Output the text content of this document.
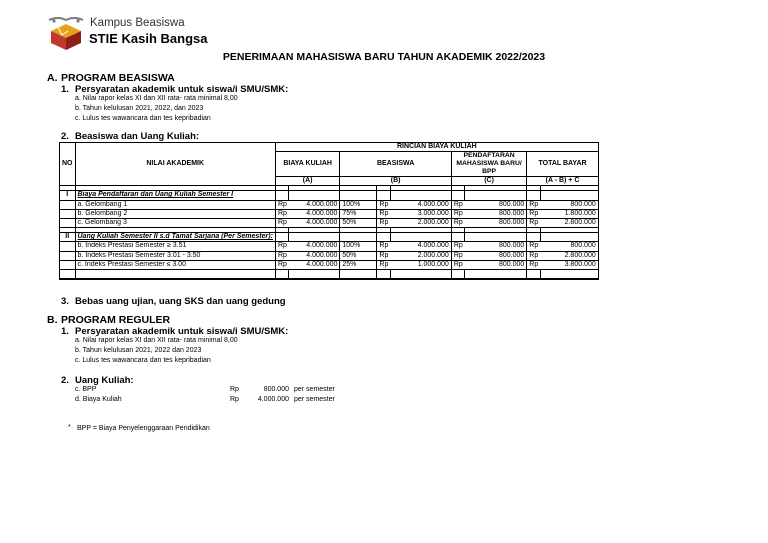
Kampus Beasiswa
STIE Kasih Bangsa
PENERIMAAN MAHASISWA BARU TAHUN AKADEMIK 2022/2023
A. PROGRAM BEASISWA
1. Persyaratan akademik untuk siswa/i SMU/SMK:
a. Nilai rapor kelas XI dan XII rata- rata minimal 8,00
b. Tahun kelulusan 2021, 2022, dan 2023
c. Lulus tes wawancara dan tes kepribadian
2. Beasiswa dan Uang Kuliah:
NO	NILAI AKADEMIK	RINCIAN BIAYA KULIAH								
		BIAYA KULIAH		BEASISWA			PENDAFTARAN MAHASISWA BARU/ BPP		TOTAL BAYAR	
		(A)		(B)			(C)		(A - B) + C	

I	Biaya Pendaftaran dan Uang Kuliah Semester I									
	a. Gelombang 1	Rp	4.000.000	100%	Rp	4.000.000	Rp	800.000	Rp	800.000
	b. Gelombang 2	Rp	4.000.000	75%	Rp	3.000.000	Rp	800.000	Rp	1.800.000
	c. Gelombang 3	Rp	4.000.000	50%	Rp	2.000.000	Rp	800.000	Rp	2.800.000

II	Uang Kuliah Semester II s.d Tamat Sarjana (Per Semester):									
	b. Indeks Prestasi Semester ≥ 3.51	Rp	4.000.000	100%	Rp	4.000.000	Rp	800.000	Rp	800.000
	b. Indeks Prestasi Semester 3.01 - 3.50	Rp	4.000.000	50%	Rp	2.000.000	Rp	800.000	Rp	2.800.000
	c. Indeks Prestasi Semester ≤ 3.00	Rp	4.000.000	25%	Rp	1.000.000	Rp	800.000	Rp	3.800.000

3. Bebas uang ujian, uang SKS dan uang gedung
B. PROGRAM REGULER
1. Persyaratan akademik untuk siswa/i SMU/SMK:
a. Nilai rapor kelas XI dan XII rata- rata minimal 8,00
b. Tahun kelulusan 2021, 2022 dan 2023
c. Lulus tes wawancara dan tes kepribadian
2. Uang Kuliah:
c. BPP	Rp	800.000 per semester
d. Biaya Kuliah	Rp	4.000.000 per semester
* BPP = Biaya Penyelenggaraan Pendidikan
